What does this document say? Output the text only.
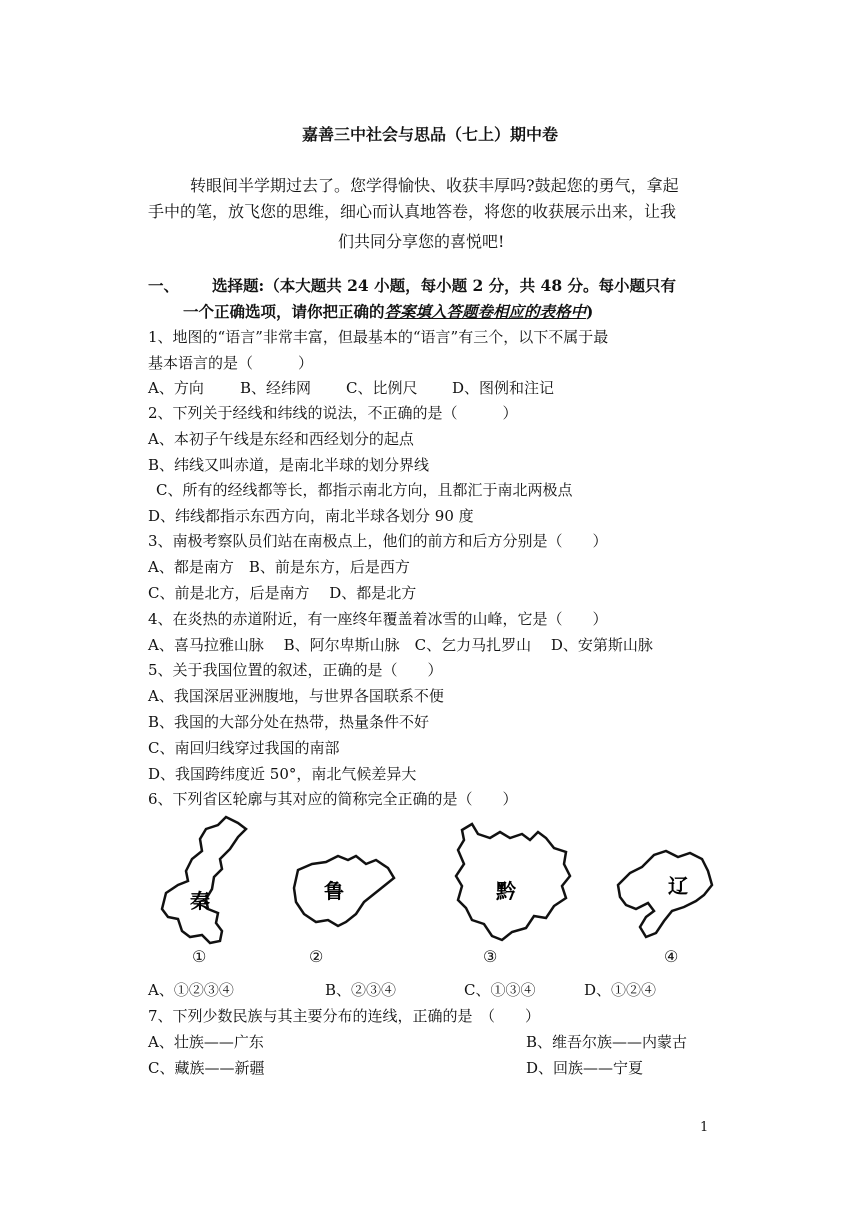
嘉善三中社会与思品（七上）期中卷
转眼间半学期过去了。您学得愉快、收获丰厚吗?鼓起您的勇气，拿起
手中的笔，放飞您的思维，细心而认真地答卷，将您的收获展示出来，让我
们共同分享您的喜悦吧!
一、 选择题:（本大题共 24 小题，每小题 2 分，共 48 分。每小题只有
一个正确选项，请你把正确的答案填入答题卷相应的表格中)
1、地图的“语言”非常丰富，但最基本的“语言”有三个，以下不属于最
基本语言的是（　　　）
A、方向 B、经纬网 C、比例尺 D、图例和注记
2、下列关于经线和纬线的说法，不正确的是（　　　）
A、本初子午线是东经和西经划分的起点
B、纬线又叫赤道，是南北半球的划分界线
C、所有的经线都等长，都指示南北方向，且都汇于南北两极点
D、纬线都指示东西方向，南北半球各划分 90 度
3、南极考察队员们站在南极点上，他们的前方和后方分别是（　　）
A、都是南方　B、前是东方，后是西方
C、前是北方，后是南方　 D、都是北方
4、在炎热的赤道附近，有一座终年覆盖着冰雪的山峰，它是（　　）
A、喜马拉雅山脉　 B、阿尔卑斯山脉　C、乞力马扎罗山　 D、安第斯山脉
5、关于我国位置的叙述，正确的是（　　）
A、我国深居亚洲腹地，与世界各国联系不便
B、我国的大部分处在热带，热量条件不好
C、南回归线穿过我国的南部
D、我国跨纬度近 50°，南北气候差异大
6、下列省区轮廓与其对应的简称完全正确的是（　　）
秦	鲁	黔	辽
①	②	③	④
A、①②③④	B、②③④	C、①③④	D、①②④
7、下列少数民族与其主要分布的连线，正确的是　（　　）
A、壮族——广东	B、维吾尔族——内蒙古
C、藏族——新疆	D、回族——宁夏
1
